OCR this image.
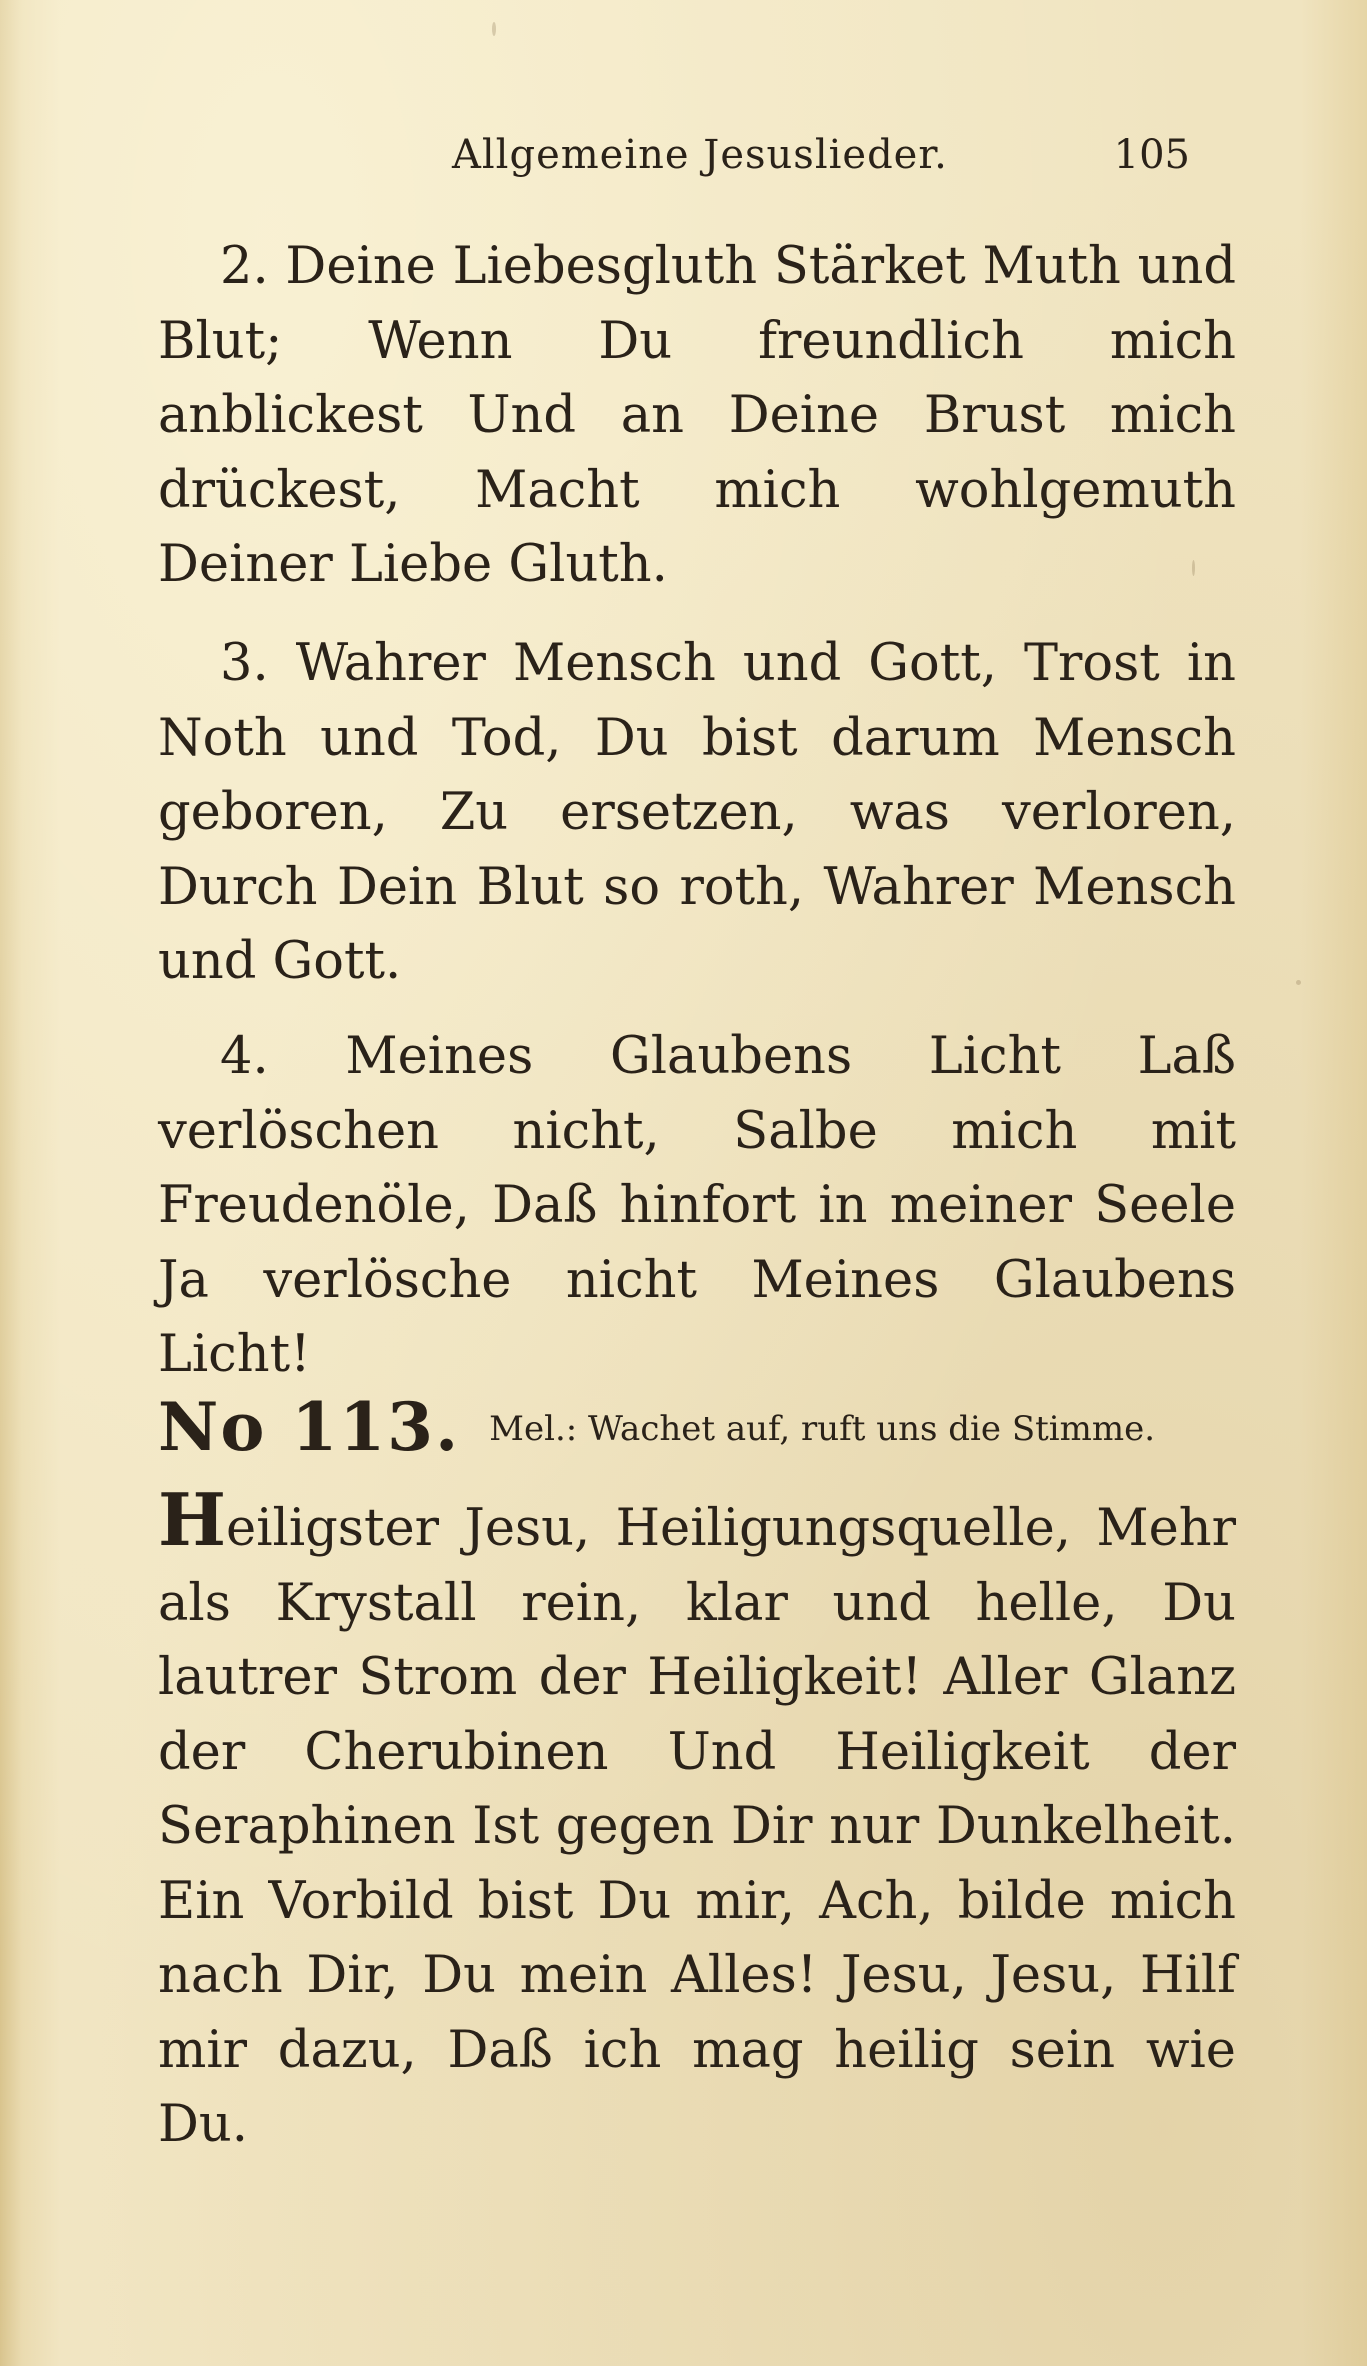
Allgemeine Jesuslieder.	105

2. Deine Liebesgluth Stärket Muth und Blut; Wenn Du freundlich mich anblickest Und an Deine Brust mich drückest, Macht mich wohlgemuth Deiner Liebe Gluth.

3. Wahrer Mensch und Gott, Trost in Noth und Tod, Du bist darum Mensch geboren, Zu ersetzen, was verloren, Durch Dein Blut so roth, Wahrer Mensch und Gott.

4. Meines Glaubens Licht Laß verlöschen nicht, Salbe mich mit Freudenöle, Daß hinfort in meiner Seele Ja verlösche nicht Meines Glaubens Licht!

No 113. Mel.: Wachet auf, ruft uns die Stimme.

Heiligster Jesu, Heiligungsquelle, Mehr als Krystall rein, klar und helle, Du lautrer Strom der Heiligkeit! Aller Glanz der Cherubinen Und Heiligkeit der Seraphinen Ist gegen Dir nur Dunkelheit. Ein Vorbild bist Du mir, Ach, bilde mich nach Dir, Du mein Alles! Jesu, Jesu, Hilf mir dazu, Daß ich mag heilig sein wie Du.
